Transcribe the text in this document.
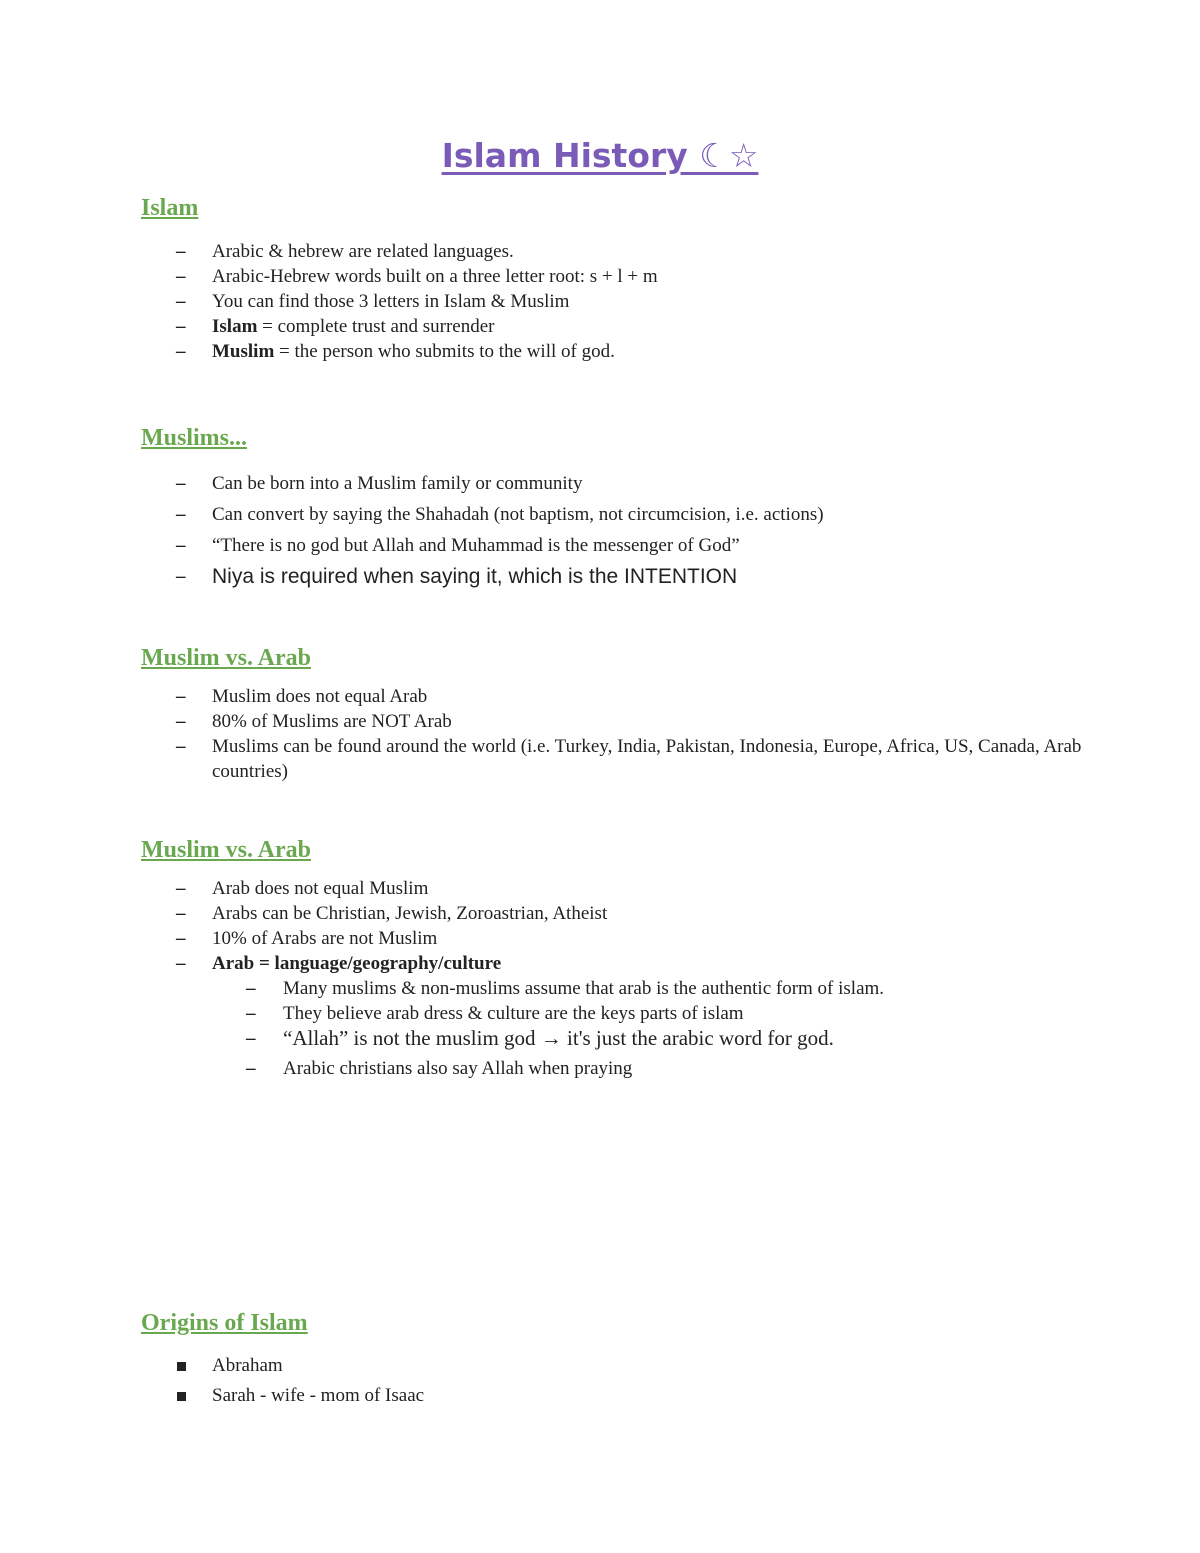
Islam History ☾☆
Islam
– Arabic & hebrew are related languages.
– Arabic-Hebrew words built on a three letter root: s + l + m
– You can find those 3 letters in Islam & Muslim
– Islam = complete trust and surrender
– Muslim = the person who submits to the will of god.
Muslims...
– Can be born into a Muslim family or community
– Can convert by saying the Shahadah (not baptism, not circumcision, i.e. actions)
– “There is no god but Allah and Muhammad is the messenger of God”
– Niya is required when saying it, which is the INTENTION
Muslim vs. Arab
– Muslim does not equal Arab
– 80% of Muslims are NOT Arab
– Muslims can be found around the world (i.e. Turkey, India, Pakistan, Indonesia, Europe, Africa, US, Canada, Arab countries)
Muslim vs. Arab
– Arab does not equal Muslim
– Arabs can be Christian, Jewish, Zoroastrian, Atheist
– 10% of Arabs are not Muslim
– Arab = language/geography/culture
– Many muslims & non-muslims assume that arab is the authentic form of islam.
– They believe arab dress & culture are the keys parts of islam
– “Allah” is not the muslim god → it's just the arabic word for god.
– Arabic christians also say Allah when praying
Origins of Islam
Abraham
Sarah - wife - mom of Isaac
